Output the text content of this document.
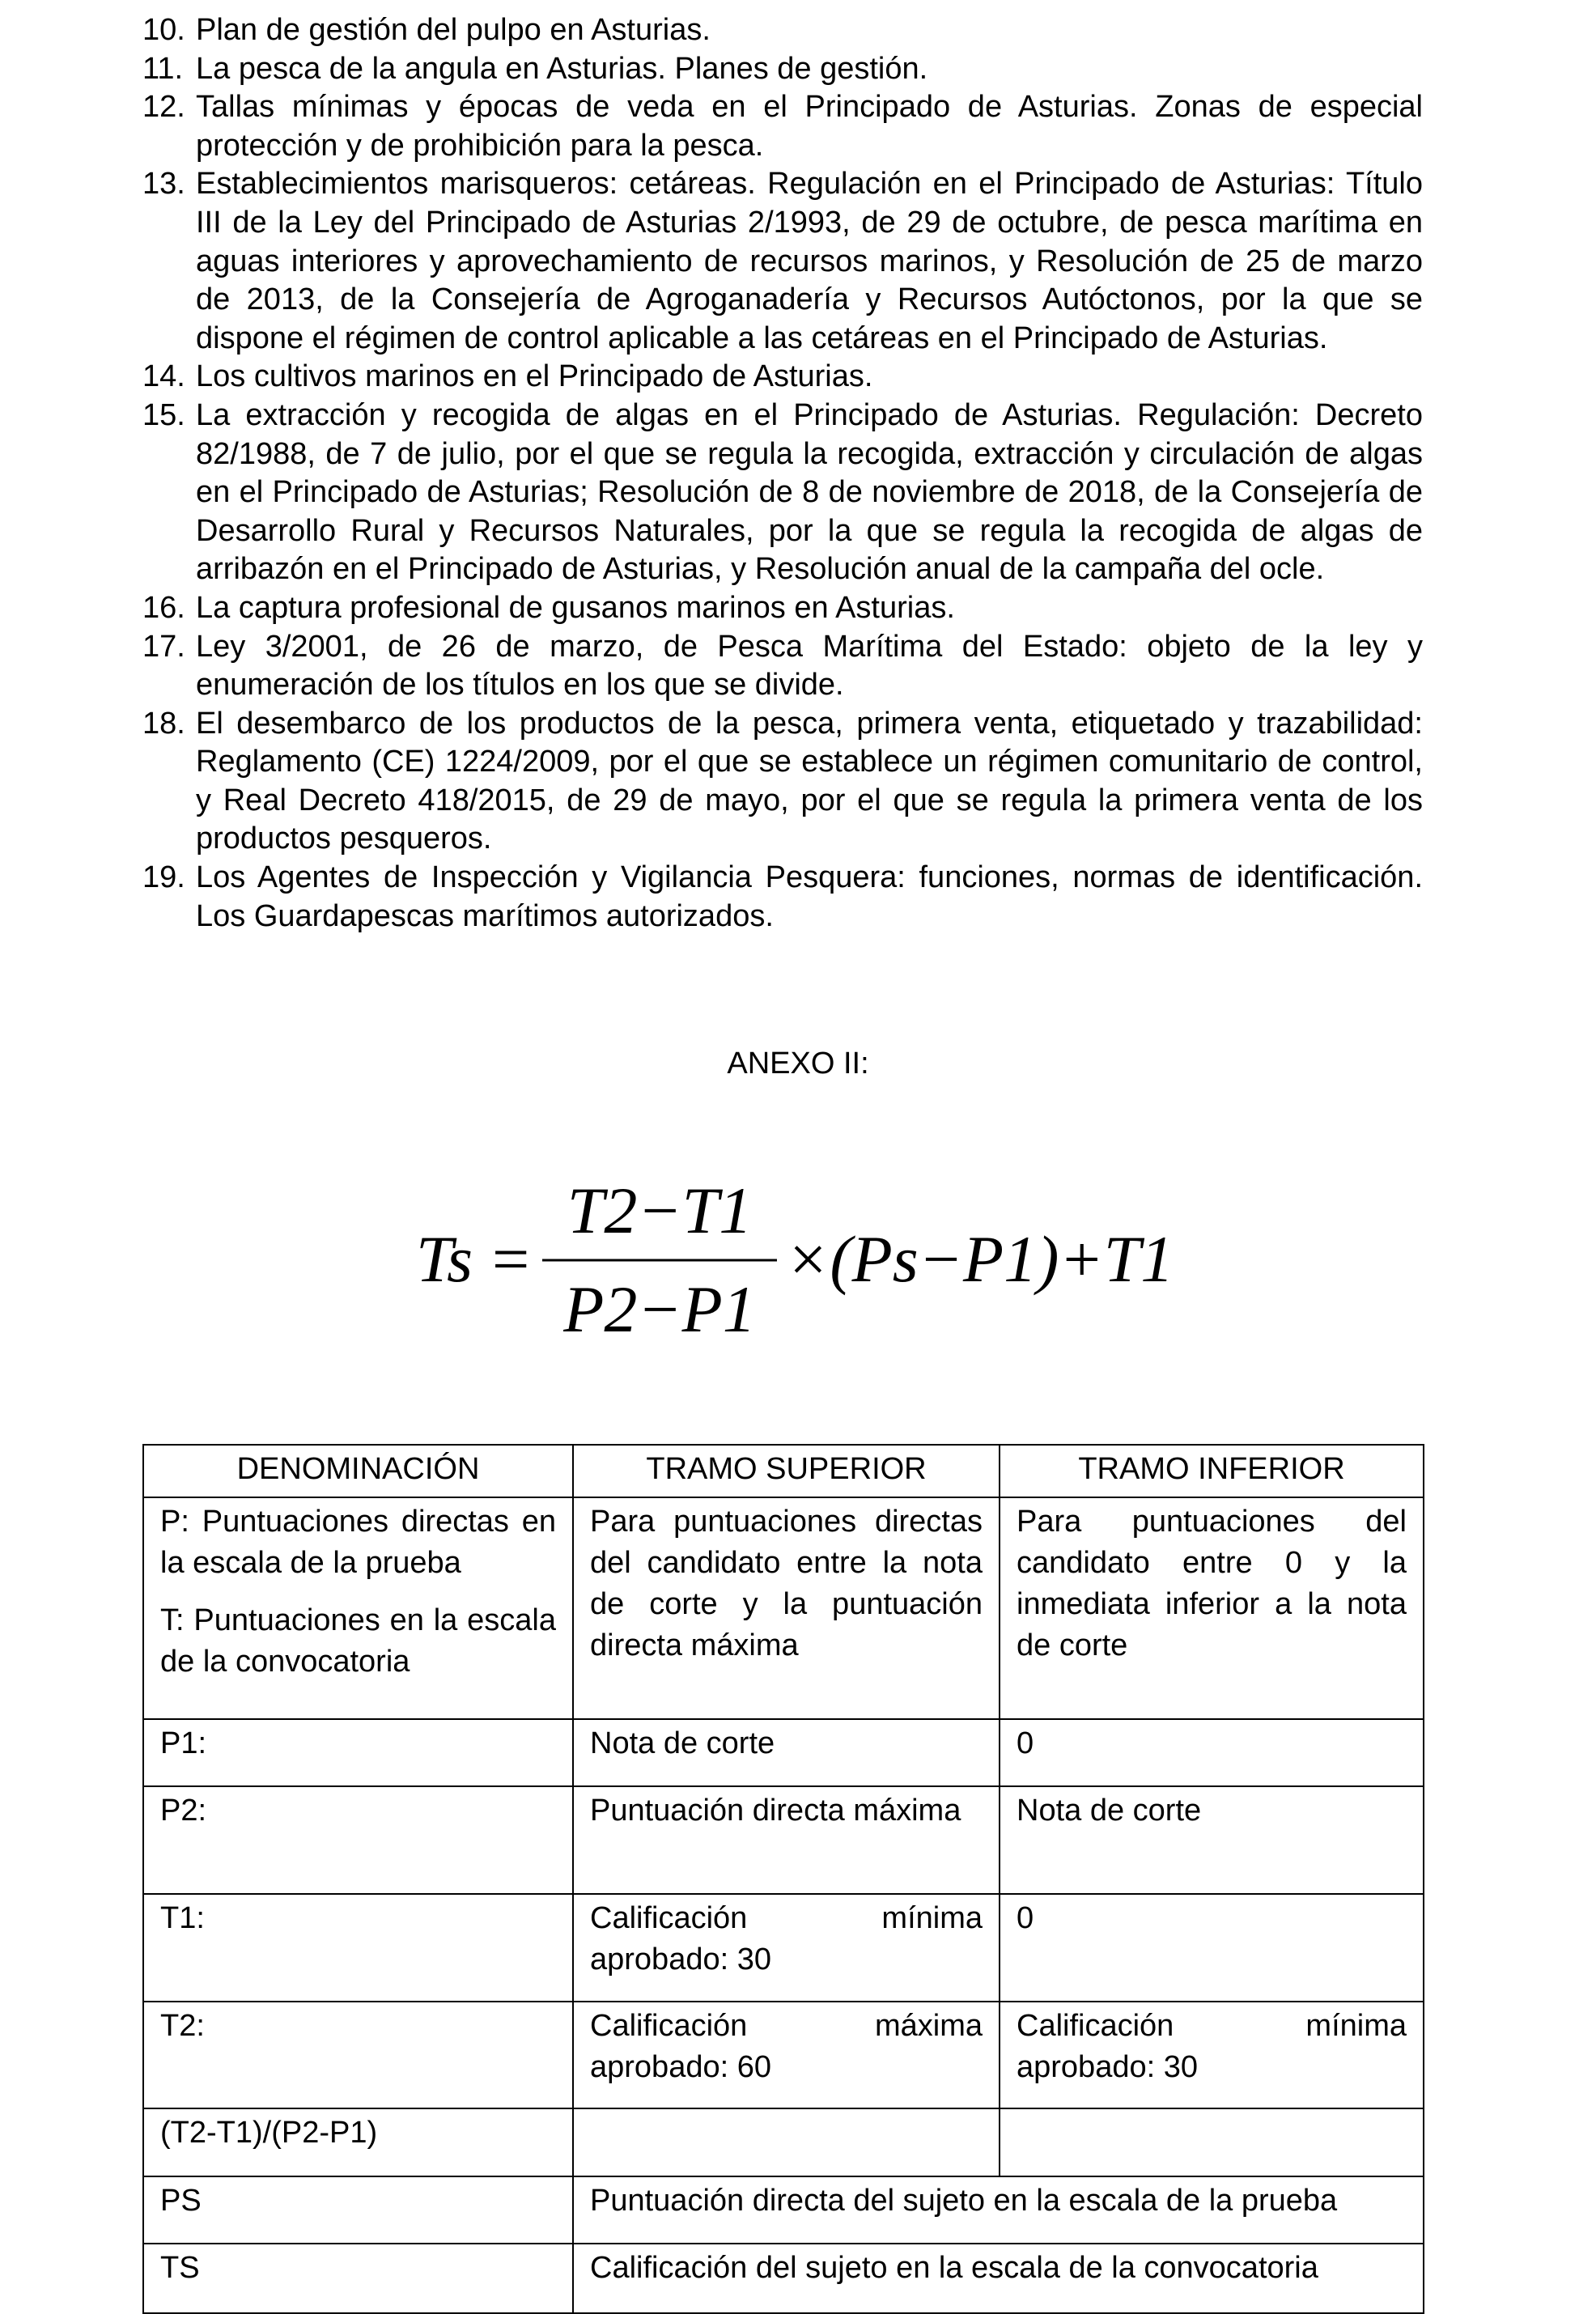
10. Plan de gestión del pulpo en Asturias.
11. La pesca de la angula en Asturias. Planes de gestión.
12. Tallas mínimas y épocas de veda en el Principado de Asturias. Zonas de especial protección y de prohibición para la pesca.
13. Establecimientos marisqueros: cetáreas. Regulación en el Principado de Asturias: Título III de la Ley del Principado de Asturias 2/1993, de 29 de octubre, de pesca marítima en aguas interiores y aprovechamiento de recursos marinos, y Resolución de 25 de marzo de 2013, de la Consejería de Agroganadería y Recursos Autóctonos, por la que se dispone el régimen de control aplicable a las cetáreas en el Principado de Asturias.
14. Los cultivos marinos en el Principado de Asturias.
15. La extracción y recogida de algas en el Principado de Asturias. Regulación: Decreto 82/1988, de 7 de julio, por el que se regula la recogida, extracción y circulación de algas en el Principado de Asturias; Resolución de 8 de noviembre de 2018, de la Consejería de Desarrollo Rural y Recursos Naturales, por la que se regula la recogida de algas de arribazón en el Principado de Asturias, y Resolución anual de la campaña del ocle.
16. La captura profesional de gusanos marinos en Asturias.
17. Ley 3/2001, de 26 de marzo, de Pesca Marítima del Estado: objeto de la ley y enumeración de los títulos en los que se divide.
18. El desembarco de los productos de la pesca, primera venta, etiquetado y trazabilidad: Reglamento (CE) 1224/2009, por el que se establece un régimen comunitario de control, y Real Decreto 418/2015, de 29 de mayo, por el que se regula la primera venta de los productos pesqueros.
19. Los Agentes de Inspección y Vigilancia Pesquera: funciones, normas de identificación. Los Guardapescas marítimos autorizados.
ANEXO II:
Ts =
T2−T1
P2−P1
×(Ps−P1)+T1
DENOMINACIÓN	TRAMO SUPERIOR	TRAMO INFERIOR

P: Puntuaciones directas en la escala de la prueba

T: Puntuaciones en la escala de la convocatoria	Para puntuaciones directas del candidato entre la nota de corte y la puntuación directa máxima	Para puntuaciones del candidato entre 0 y la inmediata inferior a la nota de corte
P1:	Nota de corte	0
P2:	Puntuación directa máxima	Nota de corte
T1:	Calificación mínima aprobado: 30	0
T2:	Calificación máxima aprobado: 60	Calificación mínima aprobado: 30
(T2-T1)/(P2-P1)		
PS	Puntuación directa del sujeto en la escala de la prueba	
TS	Calificación del sujeto en la escala de la convocatoria	
